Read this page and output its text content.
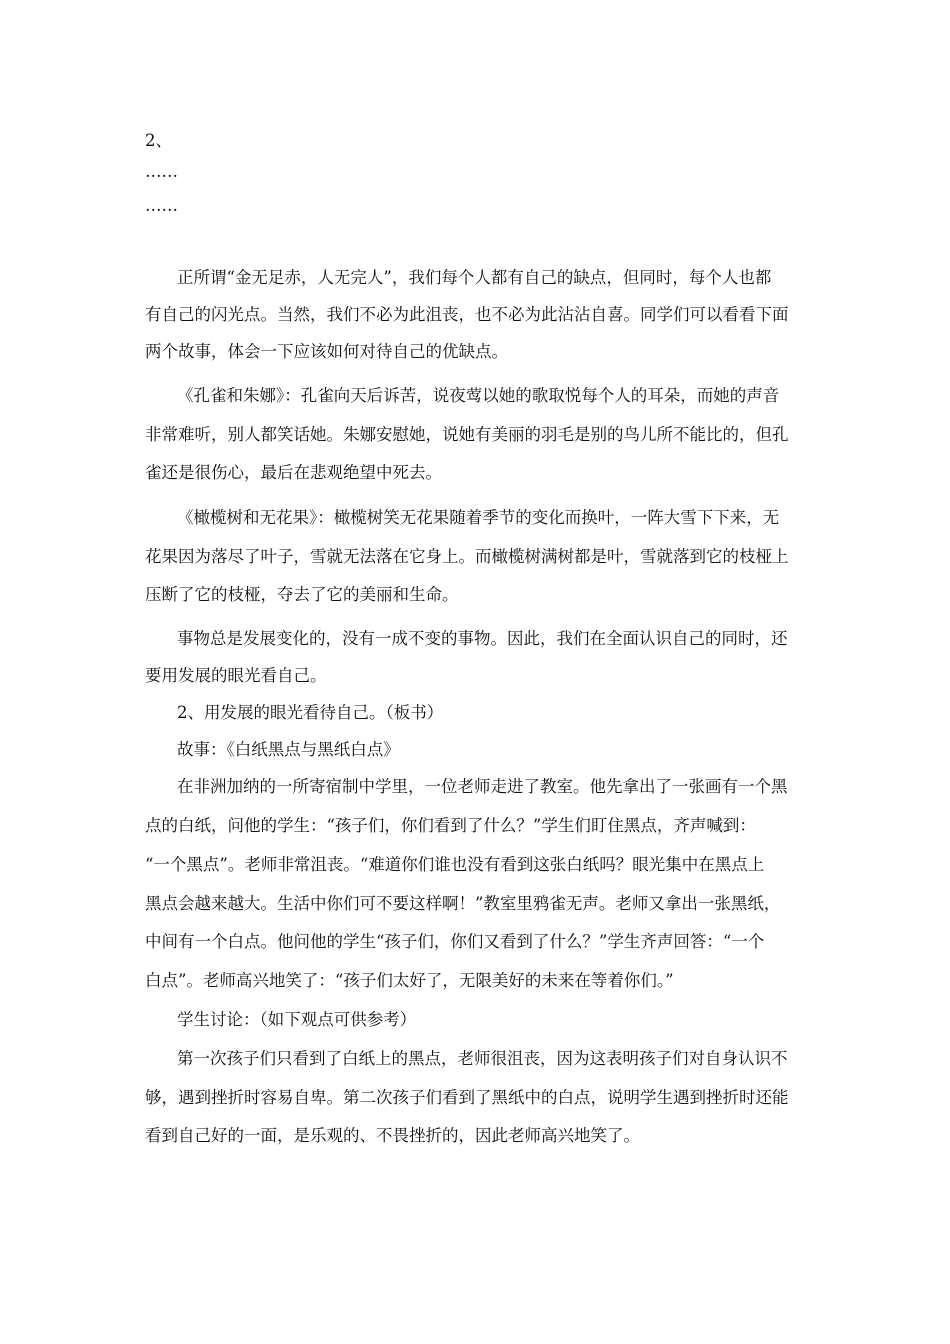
2、
……
……
正所谓“金无足赤，人无完人”，我们每个人都有自己的缺点，但同时，每个人也都
有自己的闪光点。当然，我们不必为此沮丧，也不必为此沾沾自喜。同学们可以看看下面
两个故事，体会一下应该如何对待自己的优缺点。
《孔雀和朱娜》：孔雀向天后诉苦，说夜莺以她的歌取悦每个人的耳朵，而她的声音
非常难听，别人都笑话她。朱娜安慰她，说她有美丽的羽毛是别的鸟儿所不能比的，但孔
雀还是很伤心，最后在悲观绝望中死去。
《橄榄树和无花果》：橄榄树笑无花果随着季节的变化而换叶，一阵大雪下下来，无
花果因为落尽了叶子，雪就无法落在它身上。而橄榄树满树都是叶，雪就落到它的枝桠上
压断了它的枝桠，夺去了它的美丽和生命。
事物总是发展变化的，没有一成不变的事物。因此，我们在全面认识自己的同时，还
要用发展的眼光看自己。
2、用发展的眼光看待自己。（板书）
故事：《白纸黑点与黑纸白点》
在非洲加纳的一所寄宿制中学里，一位老师走进了教室。他先拿出了一张画有一个黑
点的白纸，问他的学生：“孩子们，你们看到了什么？”学生们盯住黑点，齐声喊到：
“一个黑点”。老师非常沮丧。“难道你们谁也没有看到这张白纸吗？眼光集中在黑点上
黑点会越来越大。生活中你们可不要这样啊！”教室里鸦雀无声。老师又拿出一张黑纸，
中间有一个白点。他问他的学生“孩子们，你们又看到了什么？”学生齐声回答：“一个
白点”。老师高兴地笑了：“孩子们太好了，无限美好的未来在等着你们。”
学生讨论：（如下观点可供参考）
第一次孩子们只看到了白纸上的黑点，老师很沮丧，因为这表明孩子们对自身认识不
够，遇到挫折时容易自卑。第二次孩子们看到了黑纸中的白点，说明学生遇到挫折时还能
看到自己好的一面，是乐观的、不畏挫折的，因此老师高兴地笑了。
